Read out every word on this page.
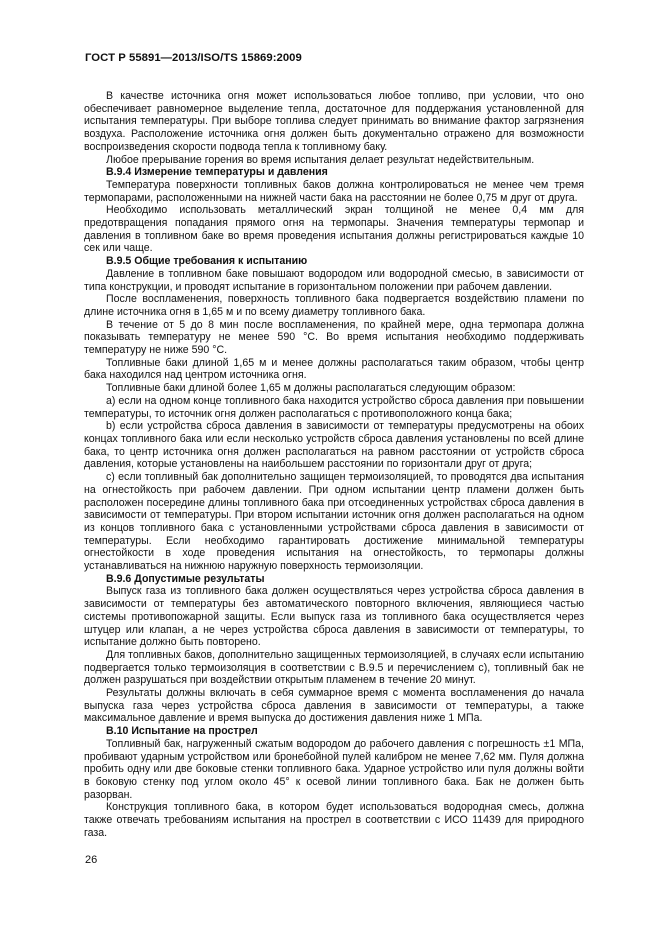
ГОСТ Р 55891—2013/ISO/TS 15869:2009

В качестве источника огня может использоваться любое топливо, при условии, что оно обеспечивает равномерное выделение тепла, достаточное для поддержания установленной для испытания температуры. При выборе топлива следует принимать во внимание фактор загрязнения воздуха. Расположение источника огня должен быть документально отражено для возможности воспроизведения скорости подвода тепла к топливному баку.

Любое прерывание горения во время испытания делает результат недействительным.

В.9.4 Измерение температуры и давления

Температура поверхности топливных баков должна контролироваться не менее чем тремя термопарами, расположенными на нижней части бака на расстоянии не более 0,75 м друг от друга.

Необходимо использовать металлический экран толщиной не менее 0,4 мм для предотвращения попадания прямого огня на термопары. Значения температуры термопар и давления в топливном баке во время проведения испытания должны регистрироваться каждые 10 сек или чаще.

В.9.5 Общие требования к испытанию

Давление в топливном баке повышают водородом или водородной смесью, в зависимости от типа конструкции, и проводят испытание в горизонтальном положении при рабочем давлении.

После воспламенения, поверхность топливного бака подвергается воздействию пламени по длине источника огня в 1,65 м и по всему диаметру топливного бака.

В течение от 5 до 8 мин после воспламенения, по крайней мере, одна термопара должна показывать температуру не менее 590 °С. Во время испытания необходимо поддерживать температуру не ниже 590 °С.

Топливные баки длиной 1,65 м и менее должны располагаться таким образом, чтобы центр бака находился над центром источника огня.

Топливные баки длиной более 1,65 м должны располагаться следующим образом:

а) если на одном конце топливного бака находится устройство сброса давления при повышении температуры, то источник огня должен располагаться с противоположного конца бака;

b) если устройства сброса давления в зависимости от температуры предусмотрены на обоих концах топливного бака или если несколько устройств сброса давления установлены по всей длине бака, то центр источника огня должен располагаться на равном расстоянии от устройств сброса давления, которые установлены на наибольшем расстоянии по горизонтали друг от друга;

с) если топливный бак дополнительно защищен термоизоляцией, то проводятся два испытания на огнестойкость при рабочем давлении. При одном испытании центр пламени должен быть расположен посередине длины топливного бака при отсоединенных устройствах сброса давления в зависимости от температуры. При втором испытании источник огня должен располагаться на одном из концов топливного бака с установленными устройствами сброса давления в зависимости от температуры. Если необходимо гарантировать достижение минимальной температуры огнестойкости в ходе проведения испытания на огнестойкость, то термопары должны устанавливаться на нижнюю наружную поверхность термоизоляции.

В.9.6 Допустимые результаты

Выпуск газа из топливного бака должен осуществляться через устройства сброса давления в зависимости от температуры без автоматического повторного включения, являющиеся частью системы противопожарной защиты. Если выпуск газа из топливного бака осуществляется через штуцер или клапан, а не через устройства сброса давления в зависимости от температуры, то испытание должно быть повторено.

Для топливных баков, дополнительно защищенных термоизоляцией, в случаях если испытанию подвергается только термоизоляция в соответствии с В.9.5 и перечислением с), топливный бак не должен разрушаться при воздействии открытым пламенем в течение 20 минут.

Результаты должны включать в себя суммарное время с момента воспламенения до начала выпуска газа через устройства сброса давления в зависимости от температуры, а также максимальное давление и время выпуска до достижения давления ниже 1 МПа.

В.10 Испытание на прострел

Топливный бак, нагруженный сжатым водородом до рабочего давления с погрешность ±1 МПа, пробивают ударным устройством или бронебойной пулей калибром не менее 7,62 мм. Пуля должна пробить одну или две боковые стенки топливного бака. Ударное устройство или пуля должны войти в боковую стенку под углом около 45° к осевой линии топливного бака. Бак не должен быть разорван.

Конструкция топливного бака, в котором будет использоваться водородная смесь, должна также отвечать требованиям испытания на прострел в соответствии с ИСО 11439 для природного газа.

26
